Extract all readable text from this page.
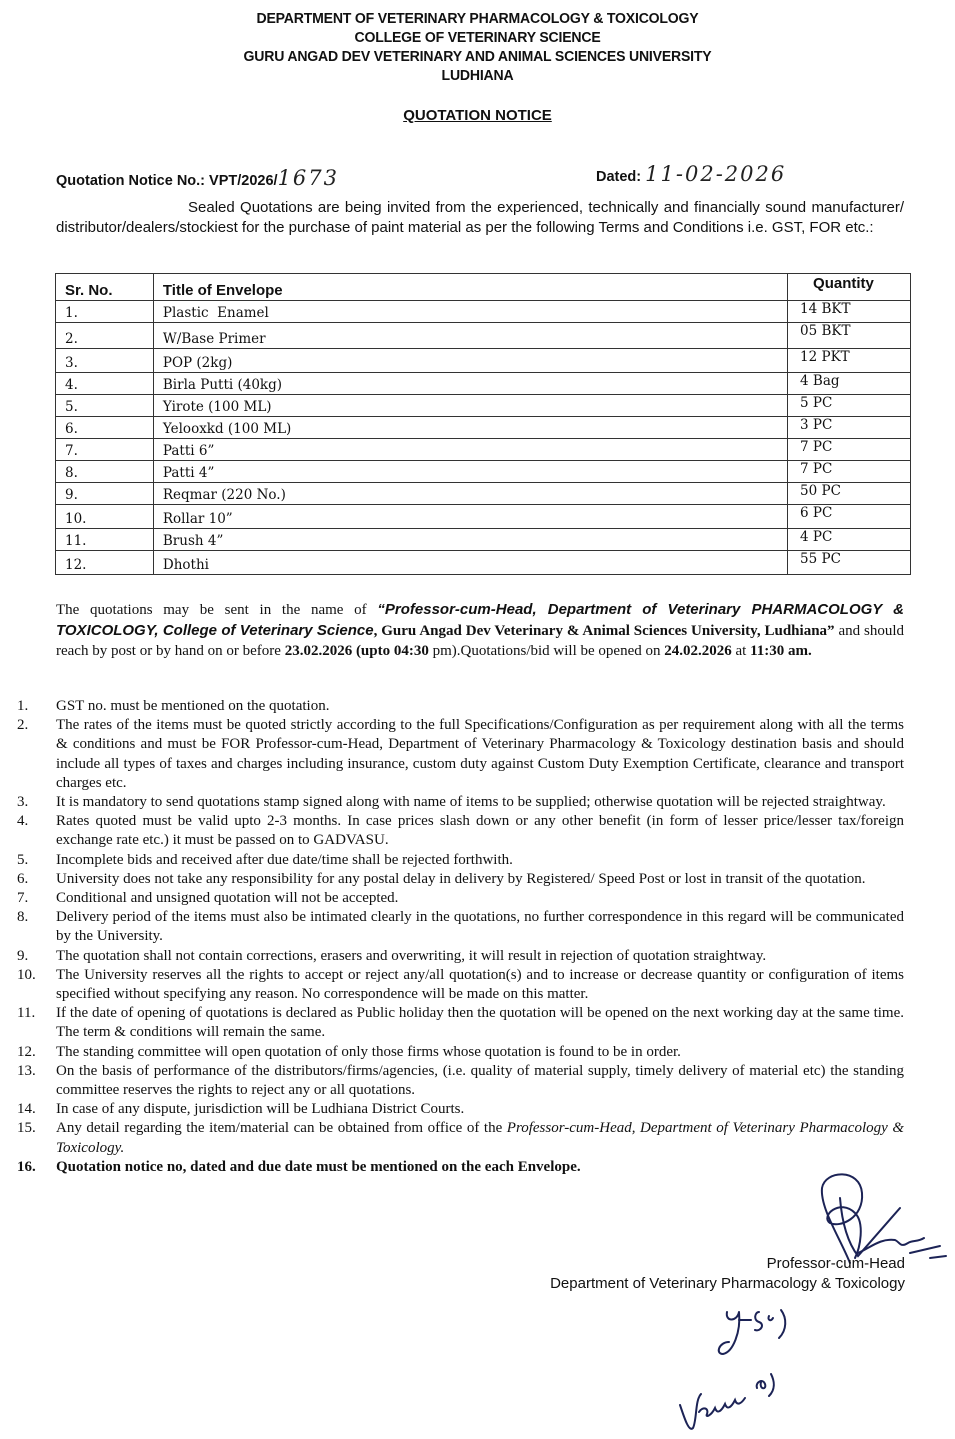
DEPARTMENT OF VETERINARY PHARMACOLOGY & TOXICOLOGY
COLLEGE OF VETERINARY SCIENCE
GURU ANGAD DEV VETERINARY AND ANIMAL SCIENCES UNIVERSITY
LUDHIANA
QUOTATION NOTICE
Quotation Notice No.: VPT/2026/1673	Dated: 11-02-2026
Sealed Quotations are being invited from the experienced, technically and financially sound manufacturer/ distributor/dealers/stockiest for the purchase of paint material as per the following Terms and Conditions i.e. GST, FOR etc.:
Sr. No.	Title of Envelope	Quantity
1.	Plastic  Enamel	14 BKT
2.	W/Base Primer	05 BKT
3.	POP (2kg)	12 PKT
4.	Birla Putti (40kg)	4 Bag
5.	Yirote (100 ML)	5 PC
6.	Yelooxkd (100 ML)	3 PC
7.	Patti 6”	7 PC
8.	Patti 4”	7 PC
9.	Reqmar (220 No.)	50 PC
10.	Rollar 10”	6 PC
11.	Brush 4”	4 PC
12.	Dhothi	55 PC
The quotations may be sent in the name of “Professor-cum-Head, Department of Veterinary PHARMACOLOGY & TOXICOLOGY, College of Veterinary Science, Guru Angad Dev Veterinary & Animal Sciences University, Ludhiana” and should reach by post or by hand on or before 23.02.2026 (upto 04:30 pm).Quotations/bid will be opened on 24.02.2026 at 11:30 am.
1. GST no. must be mentioned on the quotation.
2. The rates of the items must be quoted strictly according to the full Specifications/Configuration as per requirement along with all the terms & conditions and must be FOR Professor-cum-Head, Department of Veterinary Pharmacology & Toxicology destination basis and should include all types of taxes and charges including insurance, custom duty against Custom Duty Exemption Certificate, clearance and transport charges etc.
3. It is mandatory to send quotations stamp signed along with name of items to be supplied; otherwise quotation will be rejected straightway.
4. Rates quoted must be valid upto 2-3 months. In case prices slash down or any other benefit (in form of lesser price/lesser tax/foreign exchange rate etc.) it must be passed on to GADVASU.
5. Incomplete bids and received after due date/time shall be rejected forthwith.
6. University does not take any responsibility for any postal delay in delivery by Registered/ Speed Post or lost in transit of the quotation.
7. Conditional and unsigned quotation will not be accepted.
8. Delivery period of the items must also be intimated clearly in the quotations, no further correspondence in this regard will be communicated by the University.
9. The quotation shall not contain corrections, erasers and overwriting, it will result in rejection of quotation straightway.
10. The University reserves all the rights to accept or reject any/all quotation(s) and to increase or decrease quantity or configuration of items specified without specifying any reason. No correspondence will be made on this matter.
11. If the date of opening of quotations is declared as Public holiday then the quotation will be opened on the next working day at the same time. The term & conditions will remain the same.
12. The standing committee will open quotation of only those firms whose quotation is found to be in order.
13. On the basis of performance of the distributors/firms/agencies, (i.e. quality of material supply, timely delivery of material etc) the standing committee reserves the rights to reject any or all quotations.
14. In case of any dispute, jurisdiction will be Ludhiana District Courts.
15. Any detail regarding the item/material can be obtained from office of the Professor-cum-Head, Department of Veterinary Pharmacology & Toxicology.
16. Quotation notice no, dated and due date must be mentioned on the each Envelope.
Professor-cum-Head
Department of Veterinary Pharmacology & Toxicology
